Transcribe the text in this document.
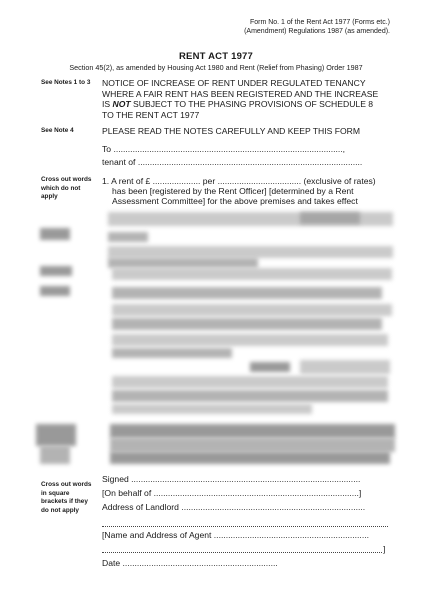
Form No. 1 of the Rent Act 1977 (Forms etc.)
(Amendment) Regulations 1987 (as amended).
RENT ACT 1977
Section 45(2), as amended by Housing Act 1980 and Rent (Relief from Phasing) Order 1987
See Notes 1 to 3
See Note 4
Cross out words which do not apply
Cross out words in square brackets if they do not apply
NOTICE OF INCREASE OF RENT UNDER REGULATED TENANCY
WHERE A FAIR RENT HAS BEEN REGISTERED AND THE INCREASE
IS NOT SUBJECT TO THE PHASING PROVISIONS OF SCHEDULE 8
TO THE RENT ACT 1977
PLEASE READ THE NOTES CAREFULLY AND KEEP THIS FORM
To ................................................................................................,
tenant of ..............................................................................................
1. A rent of £ .................... per ................................... (exclusive of rates)
has been [registered by the Rent Officer] [determined by a Rent
Assessment Committee] for the above premises and takes effect
Signed ................................................................................................
[On behalf of ......................................................................................]
Address of Landlord .............................................................................
[Name and Address of Agent .................................................................
]
Date .................................................................
